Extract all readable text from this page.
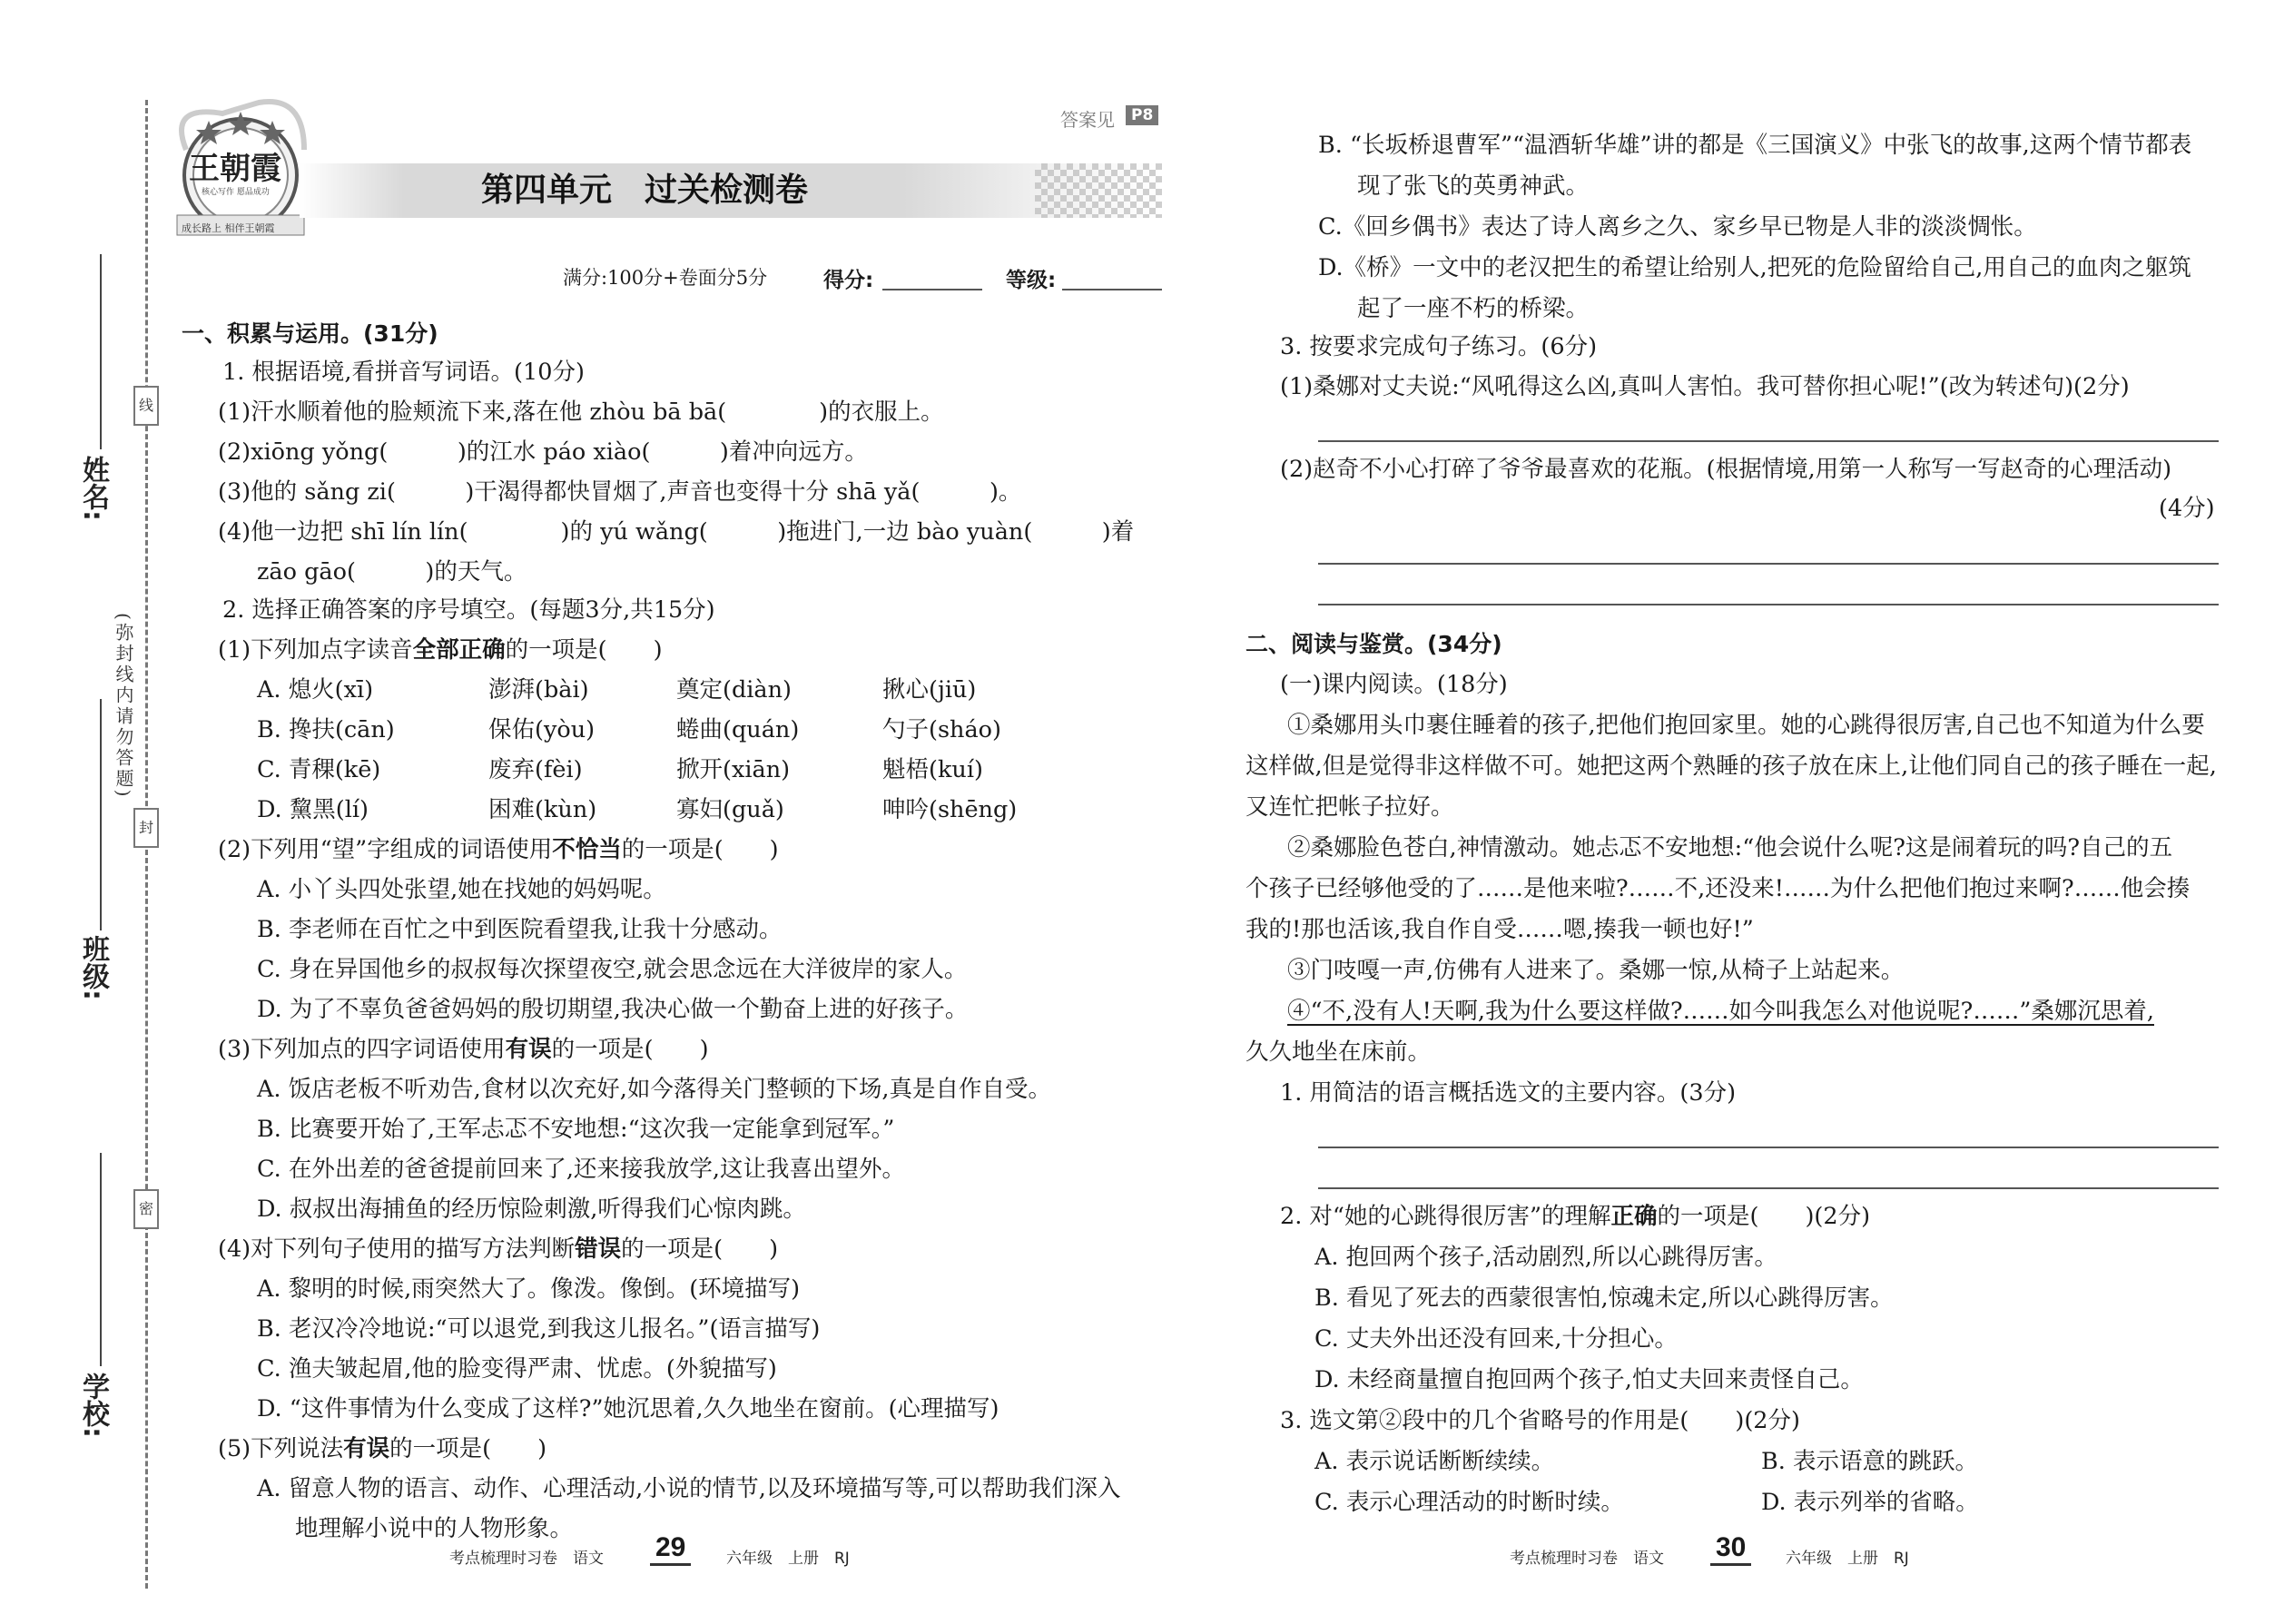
线
封
密
(弥封线内请勿答题)
姓名:
班级:
学校:
王朝霞
核心写作 愿品成功
成长路上 相伴王朝霞
答案见	P8
第四单元　过关检测卷
满分:100分+卷面分5分	得分:	等级:
一、积累与运用。(31分)
1. 根据语境,看拼音写词语。(10分)
(1)汗水顺着他的脸颊流下来,落在他 zhòu bā bā(　　　　)的衣服上。
(2)xiōng yǒng(　　　)的江水 páo xiào(　　　)着冲向远方。
(3)他的 sǎng zi(　　　)干渴得都快冒烟了,声音也变得十分 shā yǎ(　　　)。
(4)他一边把 shī lín lín(　　　　)的 yú wǎng(　　　)拖进门,一边 bào yuàn(　　　)着
zāo gāo(　　　)的天气。
2. 选择正确答案的序号填空。(每题3分,共15分)
(1)下列加点字读音全部正确的一项是(　　)
A. 熄火(xī)	澎湃(bài)	奠定(diàn)	揪心(jiū)
B. 搀扶(cān)	保佑(yòu)	蜷曲(quán)	勺子(sháo)
C. 青稞(kē)	废弃(fèi)	掀开(xiān)	魁梧(kuí)
D. 黧黑(lí)	困难(kùn)	寡妇(guǎ)	呻吟(shēng)
(2)下列用“望”字组成的词语使用不恰当的一项是(　　)
A. 小丫头四处张望,她在找她的妈妈呢。
B. 李老师在百忙之中到医院看望我,让我十分感动。
C. 身在异国他乡的叔叔每次探望夜空,就会思念远在大洋彼岸的家人。
D. 为了不辜负爸爸妈妈的殷切期望,我决心做一个勤奋上进的好孩子。
(3)下列加点的四字词语使用有误的一项是(　　)
A. 饭店老板不听劝告,食材以次充好,如今落得关门整顿的下场,真是自作自受。
B. 比赛要开始了,王军忐忑不安地想:“这次我一定能拿到冠军。”
C. 在外出差的爸爸提前回来了,还来接我放学,这让我喜出望外。
D. 叔叔出海捕鱼的经历惊险刺激,听得我们心惊肉跳。
(4)对下列句子使用的描写方法判断错误的一项是(　　)
A. 黎明的时候,雨突然大了。像泼。像倒。(环境描写)
B. 老汉冷冷地说:“可以退党,到我这儿报名。”(语言描写)
C. 渔夫皱起眉,他的脸变得严肃、忧虑。(外貌描写)
D. “这件事情为什么变成了这样?”她沉思着,久久地坐在窗前。(心理描写)
(5)下列说法有误的一项是(　　)
A. 留意人物的语言、动作、心理活动,小说的情节,以及环境描写等,可以帮助我们深入
地理解小说中的人物形象。
B. “长坂桥退曹军”“温酒斩华雄”讲的都是《三国演义》中张飞的故事,这两个情节都表
现了张飞的英勇神武。
C.《回乡偶书》表达了诗人离乡之久、家乡早已物是人非的淡淡惆怅。
D.《桥》一文中的老汉把生的希望让给别人,把死的危险留给自己,用自己的血肉之躯筑
起了一座不朽的桥梁。
3. 按要求完成句子练习。(6分)
(1)桑娜对丈夫说:“风吼得这么凶,真叫人害怕。我可替你担心呢!”(改为转述句)(2分)
(2)赵奇不小心打碎了爷爷最喜欢的花瓶。(根据情境,用第一人称写一写赵奇的心理活动)
(4分)
二、阅读与鉴赏。(34分)
(一)课内阅读。(18分)
①桑娜用头巾裹住睡着的孩子,把他们抱回家里。她的心跳得很厉害,自己也不知道为什么要
这样做,但是觉得非这样做不可。她把这两个熟睡的孩子放在床上,让他们同自己的孩子睡在一起,
又连忙把帐子拉好。
②桑娜脸色苍白,神情激动。她忐忑不安地想:“他会说什么呢?这是闹着玩的吗?自己的五
个孩子已经够他受的了……是他来啦?……不,还没来!……为什么把他们抱过来啊?……他会揍
我的!那也活该,我自作自受……嗯,揍我一顿也好!”
③门吱嘎一声,仿佛有人进来了。桑娜一惊,从椅子上站起来。
④“不,没有人!天啊,我为什么要这样做?……如今叫我怎么对他说呢?……”桑娜沉思着,
久久地坐在床前。
1. 用简洁的语言概括选文的主要内容。(3分)
2. 对“她的心跳得很厉害”的理解正确的一项是(　　)(2分)
A. 抱回两个孩子,活动剧烈,所以心跳得厉害。
B. 看见了死去的西蒙很害怕,惊魂未定,所以心跳得厉害。
C. 丈夫外出还没有回来,十分担心。
D. 未经商量擅自抱回两个孩子,怕丈夫回来责怪自己。
3. 选文第②段中的几个省略号的作用是(　　)(2分)
A. 表示说话断断续续。	B. 表示语意的跳跃。
C. 表示心理活动的时断时续。	D. 表示列举的省略。
考点梳理时习卷　语文 29	六年级　上册　RJ	考点梳理时习卷　语文 30	六年级　上册　RJ
